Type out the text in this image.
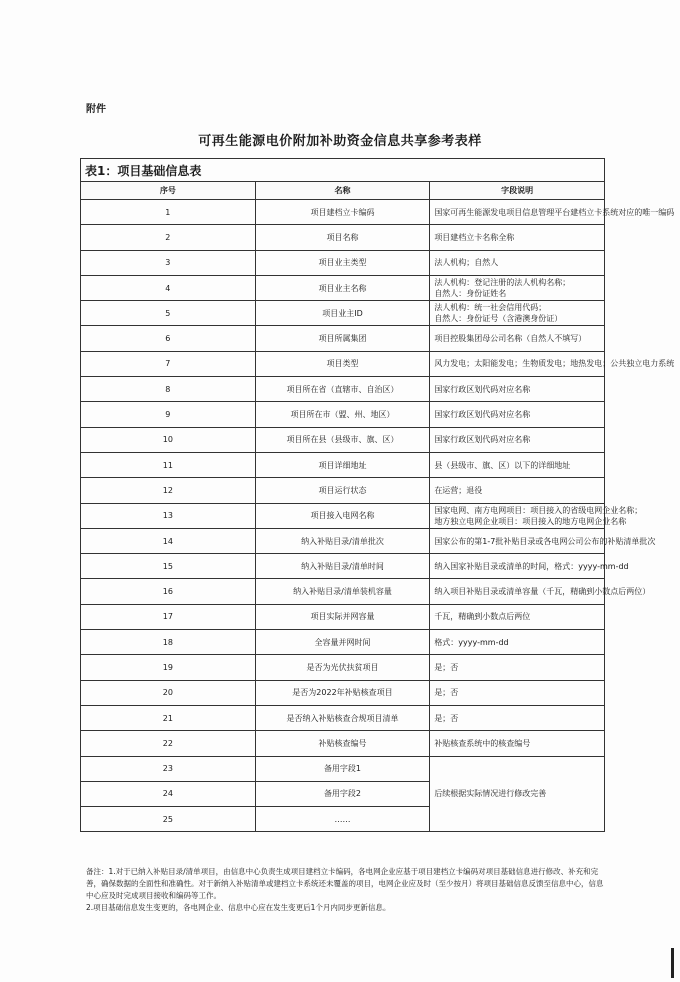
附件
可再生能源电价附加补助资金信息共享参考表样
表1：项目基础信息表		
序号	名称	字段说明
1	项目建档立卡编码	国家可再生能源发电项目信息管理平台建档立卡系统对应的唯一编码

2	项目名称	项目建档立卡名称全称

3	项目业主类型	法人机构；自然人

4	项目业主名称	法人机构：登记注册的法人机构名称；
自然人：身份证姓名

5	项目业主ID	法人机构：统一社会信用代码；
自然人：身份证号（含港澳身份证）

6	项目所属集团	项目控股集团母公司名称（自然人不填写）

7	项目类型	风力发电；太阳能发电；生物质发电；地热发电；公共独立电力系统

8	项目所在省（直辖市、自治区）	国家行政区划代码对应名称

9	项目所在市（盟、州、地区）	国家行政区划代码对应名称

10	项目所在县（县级市、旗、区）	国家行政区划代码对应名称

11	项目详细地址	县（县级市、旗、区）以下的详细地址

12	项目运行状态	在运营；退役

13	项目接入电网名称	国家电网、南方电网项目：项目接入的省级电网企业名称；
地方独立电网企业项目：项目接入的地方电网企业名称

14	纳入补贴目录/清单批次	国家公布的第1-7批补贴目录或各电网公司公布的补贴清单批次

15	纳入补贴目录/清单时间	纳入国家补贴目录或清单的时间，格式：yyyy-mm-dd

16	纳入补贴目录/清单装机容量	纳入项目补贴目录或清单容量（千瓦，精确到小数点后两位）

17	项目实际并网容量	千瓦，精确到小数点后两位

18	全容量并网时间	格式：yyyy-mm-dd

19	是否为光伏扶贫项目	是；否

20	是否为2022年补贴核查项目	是；否

21	是否纳入补贴核查合规项目清单	是；否

22	补贴核查编号	补贴核查系统中的核查编号

23	备用字段1	后续根据实际情况进行修改完善

24	备用字段2	
25	……	

备注：1.对于已纳入补贴目录/清单项目，由信息中心负责生成项目建档立卡编码，各电网企业应基于项目建档立卡编码对项目基础信息进行修改、补充和完善，确保数据的全面性和准确性。对于新纳入补贴清单或建档立卡系统还未覆盖的项目，电网企业应及时（至少按月）将项目基础信息反馈至信息中心，信息中心应及时完成项目接收和编码等工作。

2.项目基础信息发生变更的，各电网企业、信息中心应在发生变更后1个月内同步更新信息。
